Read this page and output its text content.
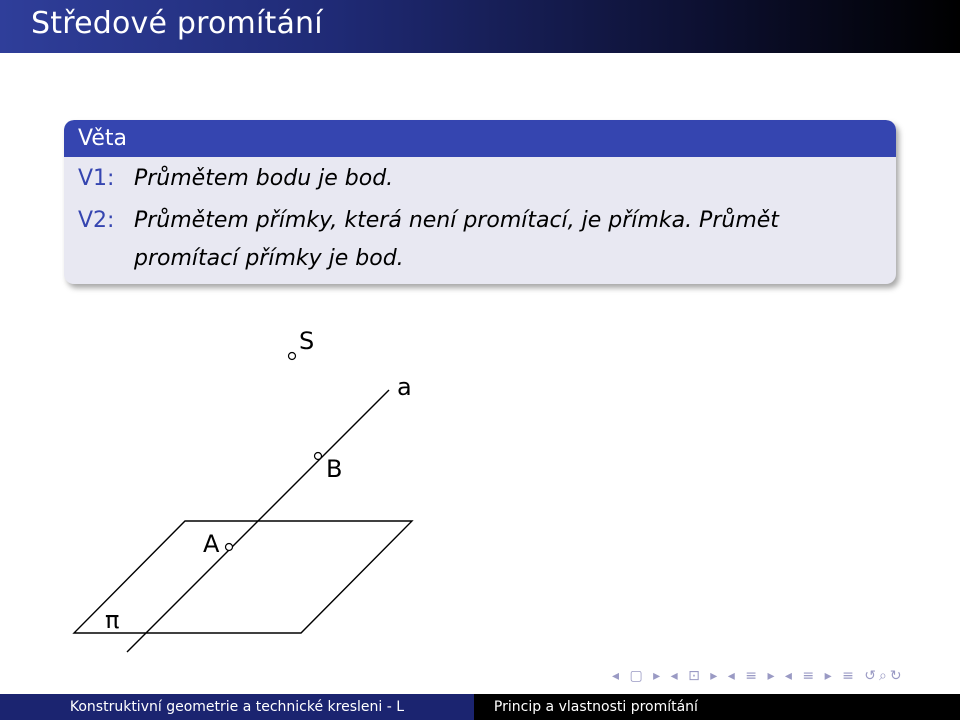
Středové promítání
Věta
V1: Průmětem bodu je bod.
V2: Průmětem přímky, která není promítací, je přímka. Průmět
promítací přímky je bod.
S
a
B
A
π
◂ ▢ ▸ ◂ ⊡ ▸ ◂ ≡ ▸ ◂ ≡ ▸ ≡ ↺⌕↻
Konstruktivní geometrie a technické kresleni - L	Princip a vlastnosti promítání
